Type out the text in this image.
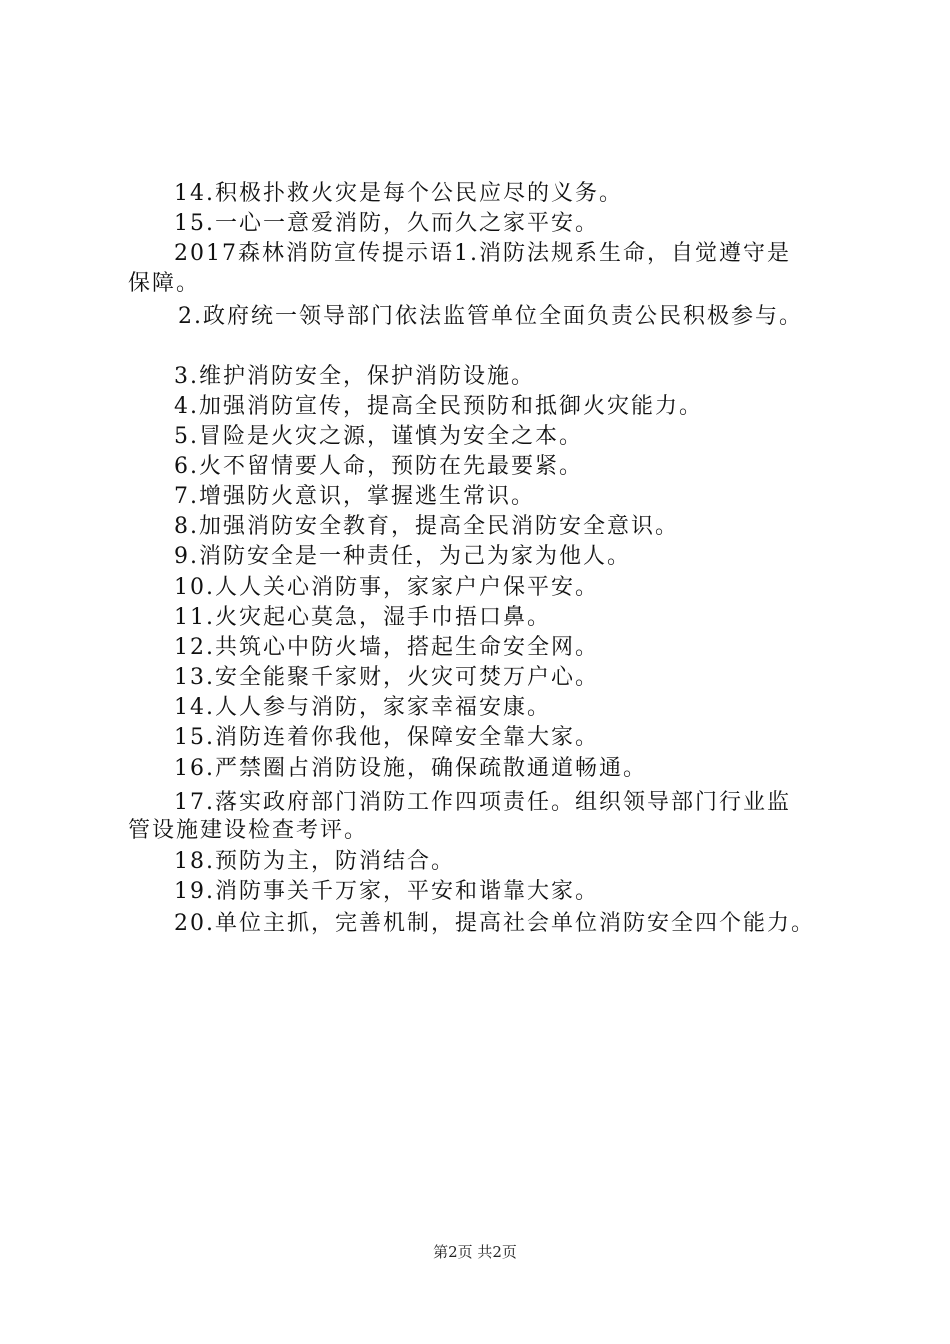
14.积极扑救火灾是每个公民应尽的义务。
15.一心一意爱消防，久而久之家平安。
2017森林消防宣传提示语1.消防法规系生命，自觉遵守是
保障。
2.政府统一领导部门依法监管单位全面负责公民积极参与。
3.维护消防安全，保护消防设施。
4.加强消防宣传，提高全民预防和抵御火灾能力。
5.冒险是火灾之源，谨慎为安全之本。
6.火不留情要人命，预防在先最要紧。
7.增强防火意识，掌握逃生常识。
8.加强消防安全教育，提高全民消防安全意识。
9.消防安全是一种责任，为己为家为他人。
10.人人关心消防事，家家户户保平安。
11.火灾起心莫急，湿手巾捂口鼻。
12.共筑心中防火墙，搭起生命安全网。
13.安全能聚千家财，火灾可焚万户心。
14.人人参与消防，家家幸福安康。
15.消防连着你我他，保障安全靠大家。
16.严禁圈占消防设施，确保疏散通道畅通。
17.落实政府部门消防工作四项责任。组织领导部门行业监
管设施建设检查考评。
18.预防为主，防消结合。
19.消防事关千万家，平安和谐靠大家。
20.单位主抓，完善机制，提高社会单位消防安全四个能力。
第2页 共2页
